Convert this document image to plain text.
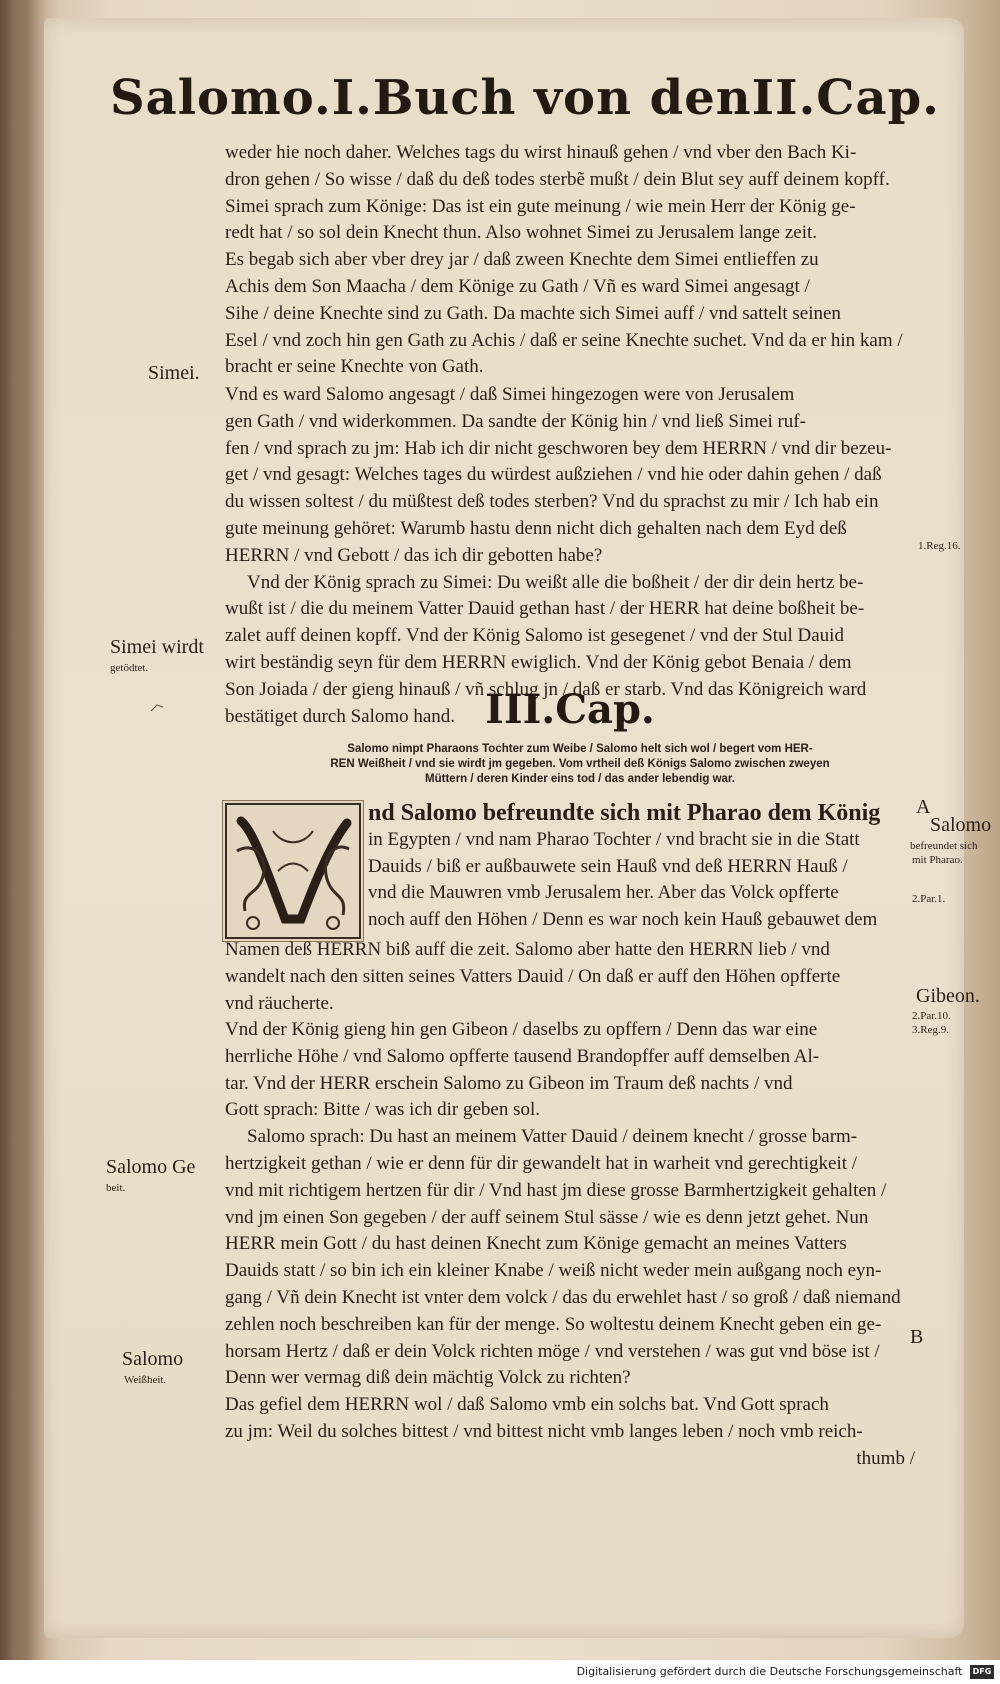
Salomo. I.Buch von den II.Cap.
weder hie noch daher. Welches tags du wirst hinauß gehen / vnd vber den Bach Ki-
dron gehen / So wisse / daß du deß todes sterbẽ mußt / dein Blut sey auff deinem kopff.
Simei sprach zum Könige: Das ist ein gute meinung / wie mein Herr der König ge-
redt hat / so sol dein Knecht thun. Also wohnet Simei zu Jerusalem lange zeit.
Es begab sich aber vber drey jar / daß zween Knechte dem Simei entlieffen zu
Achis dem Son Maacha / dem Könige zu Gath / Vñ es ward Simei angesagt /
Sihe / deine Knechte sind zu Gath. Da machte sich Simei auff / vnd sattelt seinen
Esel / vnd zoch hin gen Gath zu Achis / daß er seine Knechte suchet. Vnd da er hin kam /
bracht er seine Knechte von Gath.
Vnd es ward Salomo angesagt / daß Simei hingezogen were von Jerusalem
gen Gath / vnd widerkommen. Da sandte der König hin / vnd ließ Simei ruf-
fen / vnd sprach zu jm: Hab ich dir nicht geschworen bey dem HERRN / vnd dir bezeu-
get / vnd gesagt: Welches tages du würdest außziehen / vnd hie oder dahin gehen / daß
du wissen soltest / du müßtest deß todes sterben? Vnd du sprachst zu mir / Ich hab ein
gute meinung gehöret: Warumb hastu denn nicht dich gehalten nach dem Eyd deß
HERRN / vnd Gebott / das ich dir gebotten habe?
Vnd der König sprach zu Simei: Du weißt alle die boßheit / der dir dein hertz be-
wußt ist / die du meinem Vatter Dauid gethan hast / der HERR hat deine boßheit be-
zalet auff deinen kopff. Vnd der König Salomo ist gesegenet / vnd der Stul Dauid
wirt beständig seyn für dem HERRN ewiglich. Vnd der König gebot Benaia / dem
Son Joiada / der gieng hinauß / vñ schlug jn / daß er starb. Vnd das Königreich ward
bestätiget durch Salomo hand. III.Cap.
Salomo nimpt Pharaons Tochter zum Weibe / Salomo helt sich wol / begert vom HER-
REN Weißheit / vnd sie wirdt jm gegeben. Vom vrtheil deß Königs Salomo zwischen zweyen
Müttern / deren Kinder eins tod / das ander lebendig war.
nd Salomo befreundte sich mit Pharao dem König
in Egypten / vnd nam Pharao Tochter / vnd bracht sie in die Statt
Dauids / biß er außbauwete sein Hauß vnd deß HERRN Hauß /
vnd die Mauwren vmb Jerusalem her. Aber das Volck opfferte
noch auff den Höhen / Denn es war noch kein Hauß gebauwet dem
Namen deß HERRN biß auff die zeit. Salomo aber hatte den HERRN lieb / vnd
wandelt nach den sitten seines Vatters Dauid / On daß er auff den Höhen opfferte
vnd räucherte.
Vnd der König gieng hin gen Gibeon / daselbs zu opffern / Denn das war eine
herrliche Höhe / vnd Salomo opfferte tausend Brandopffer auff demselben Al-
tar. Vnd der HERR erschein Salomo zu Gibeon im Traum deß nachts / vnd
Gott sprach: Bitte / was ich dir geben sol.
Salomo sprach: Du hast an meinem Vatter Dauid / deinem knecht / grosse barm-
hertzigkeit gethan / wie er denn für dir gewandelt hat in warheit vnd gerechtigkeit /
vnd mit richtigem hertzen für dir / Vnd hast jm diese grosse Barmhertzigkeit gehalten /
vnd jm einen Son gegeben / der auff seinem Stul sässe / wie es denn jetzt gehet. Nun
HERR mein Gott / du hast deinen Knecht zum Könige gemacht an meines Vatters
Dauids statt / so bin ich ein kleiner Knabe / weiß nicht weder mein außgang noch eyn-
gang / Vñ dein Knecht ist vnter dem volck / das du erwehlet hast / so groß / daß niemand
zehlen noch beschreiben kan für der menge. So woltestu deinem Knecht geben ein ge-
horsam Hertz / daß er dein Volck richten möge / vnd verstehen / was gut vnd böse ist /
Denn wer vermag diß dein mächtig Volck zu richten?
Das gefiel dem HERRN wol / daß Salomo vmb ein solchs bat. Vnd Gott sprach
zu jm: Weil du solches bittest / vnd bittest nicht vmb langes leben / noch vmb reich-
thumb /
Simei.
Simei wirdt
getödtet.
1.Reg.16.
A
Salomo
befreundet sich
mit Pharao.
2.Par.1.
Gibeon.
2.Par.10.
3.Reg.9.
Salomo Ge
beit.
Salomo
Weißheit.
B
Digitalisierung gefördert durch die Deutsche Forschungsgemeinschaft DFG
